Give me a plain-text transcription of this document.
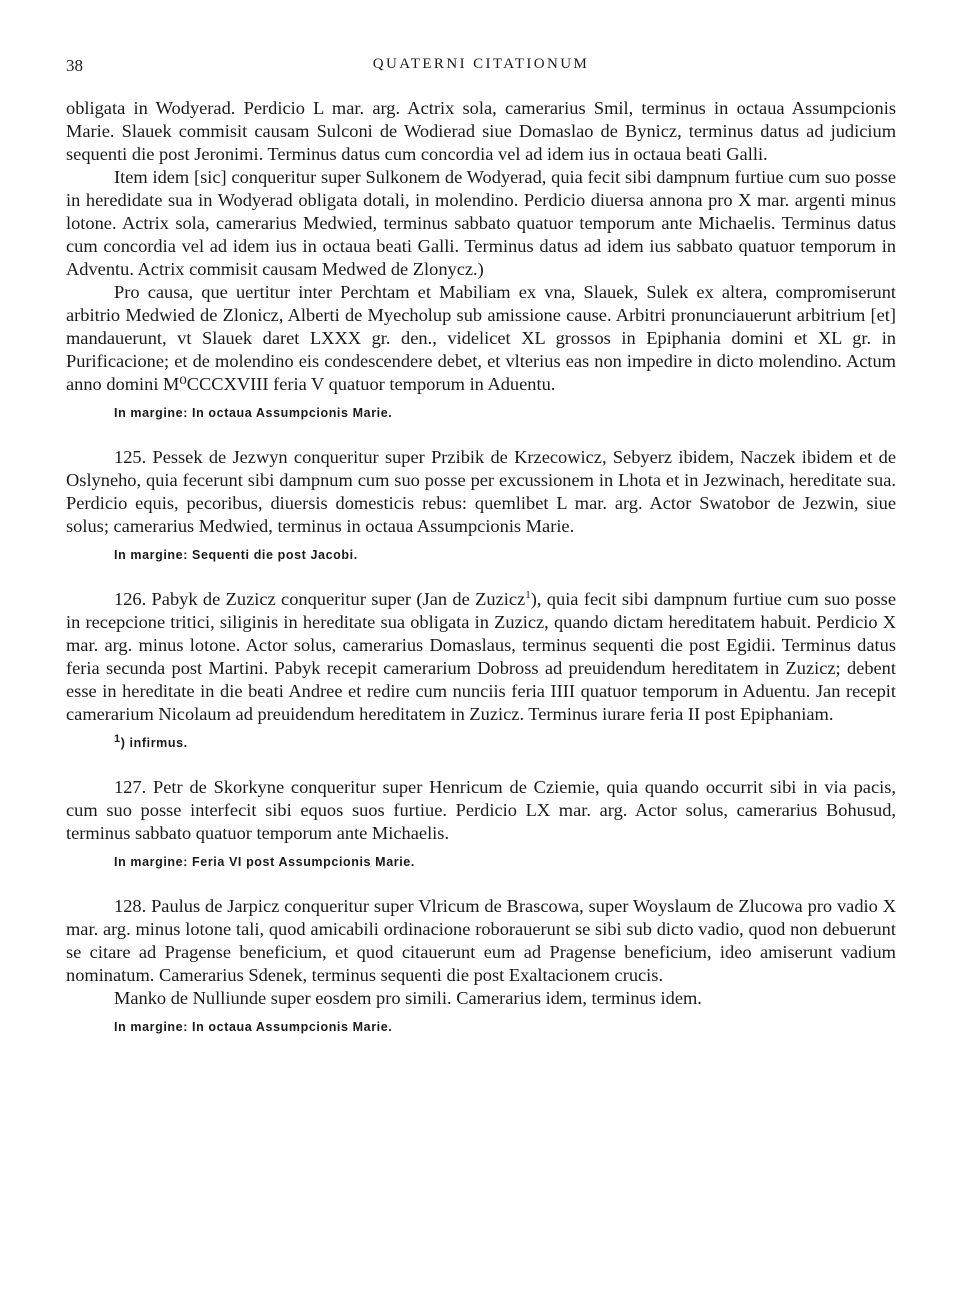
38	QUATERNI CITATIONUM

obligata in Wodyerad. Perdicio L mar. arg. Actrix sola, camerarius Smil, terminus in octaua Assumpcionis Marie. Slauek commisit causam Sulconi de Wodierad siue Domaslao de Bynicz, terminus datus ad judicium sequenti die post Jeronimi. Terminus datus cum concordia vel ad idem ius in octaua beati Galli.

Item idem [sic] conqueritur super Sulkonem de Wodyerad, quia fecit sibi dampnum furtiue cum suo posse in heredidate sua in Wodyerad obligata dotali, in molendino. Perdicio diuersa annona pro X mar. argenti minus lotone. Actrix sola, camerarius Medwied, terminus sabbato quatuor temporum ante Michaelis. Terminus datus cum concordia vel ad idem ius in octaua beati Galli. Terminus datus ad idem ius sabbato quatuor temporum in Adventu. Actrix commisit causam Medwed de Zlonycz.)

Pro causa, que uertitur inter Perchtam et Mabiliam ex vna, Slauek, Sulek ex altera, compromiserunt arbitrio Medwied de Zlonicz, Alberti de Myecholup sub amissione cause. Arbitri pronunciauerunt arbitrium [et] mandauerunt, vt Slauek daret LXXX gr. den., videlicet XL grossos in Epiphania domini et XL gr. in Purificacione; et de molendino eis condescendere debet, et vlterius eas non impedire in dicto molendino. Actum anno domini M⁰CCCXVIII feria V quatuor temporum in Aduentu.

In margine: In octaua Assumpcionis Marie.

125. Pessek de Jezwyn conqueritur super Przibik de Krzecowicz, Sebyerz ibidem, Naczek ibidem et de Oslyneho, quia fecerunt sibi dampnum cum suo posse per excussionem in Lhota et in Jezwinach, hereditate sua. Perdicio equis, pecoribus, diuersis domesticis rebus: quemlibet L mar. arg. Actor Swatobor de Jezwin, siue solus; camerarius Medwied, terminus in octaua Assumpcionis Marie.

In margine: Sequenti die post Jacobi.

126. Pabyk de Zuzicz conqueritur super (Jan de Zuzicz$^1$), quia fecit sibi dampnum furtiue cum suo posse in recepcione tritici, siliginis in hereditate sua obligata in Zuzicz, quando dictam hereditatem habuit. Perdicio X mar. arg. minus lotone. Actor solus, camerarius Domaslaus, terminus sequenti die post Egidii. Terminus datus feria secunda post Martini. Pabyk recepit camerarium Dobross ad preuidendum hereditatem in Zuzicz; debent esse in hereditate in die beati Andree et redire cum nunciis feria IIII quatuor temporum in Aduentu. Jan recepit camerarium Nicolaum ad preuidendum hereditatem in Zuzicz. Terminus iurare feria II post Epiphaniam.

1) infirmus.

127. Petr de Skorkyne conqueritur super Henricum de Cziemie, quia quando occurrit sibi in via pacis, cum suo posse interfecit sibi equos suos furtiue. Perdicio LX mar. arg. Actor solus, camerarius Bohusud, terminus sabbato quatuor temporum ante Michaelis.

In margine: Feria VI post Assumpcionis Marie.

128. Paulus de Jarpicz conqueritur super Vlricum de Brascowa, super Woyslaum de Zlucowa pro vadio X mar. arg. minus lotone tali, quod amicabili ordinacione roborauerunt se sibi sub dicto vadio, quod non debuerunt se citare ad Pragense beneficium, et quod citauerunt eum ad Pragense beneficium, ideo amiserunt vadium nominatum. Camerarius Sdenek, terminus sequenti die post Exaltacionem crucis.

Manko de Nulliunde super eosdem pro simili. Camerarius idem, terminus idem.

In margine: In octaua Assumpcionis Marie.
